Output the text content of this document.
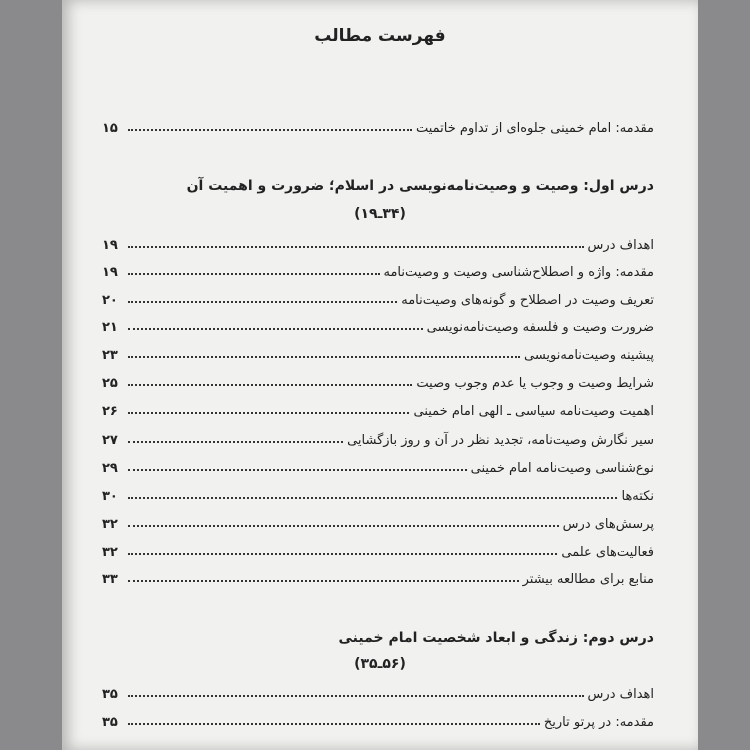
فهرست مطالب
مقدمه: امام خمینی جلوه‌ای از تداوم خاتمیت
۱۵
درس اول: وصیت و وصیت‌نامه‌نویسی در اسلام؛ ضرورت و اهمیت آن
(۳۴ـ۱۹)
اهداف درس
۱۹
مقدمه: واژه و اصطلاح‌شناسی وصیت و وصیت‌نامه
۱۹
تعریف وصیت در اصطلاح و گونه‌های وصیت‌نامه
۲۰
ضرورت وصیت و فلسفه وصیت‌نامه‌نویسی
۲۱
پیشینه وصیت‌نامه‌نویسی
۲۳
شرایط وصیت و وجوب یا عدم وجوب وصیت
۲۵
اهمیت وصیت‌نامه سیاسی ـ الهی امام خمینی
۲۶
سیر نگارش وصیت‌نامه، تجدید نظر در آن و روز بازگشایی
۲۷
نوع‌شناسی وصیت‌نامه امام خمینی
۲۹
نکته‌ها
۳۰
پرسش‌های درس
۳۲
فعالیت‌های علمی
۳۲
منابع برای مطالعه بیشتر
۳۳
درس دوم: زندگی و ابعاد شخصیت امام خمینی
(۵۶ـ۳۵)
اهداف درس
۳۵
مقدمه: در پرتو تاریخ
۳۵
